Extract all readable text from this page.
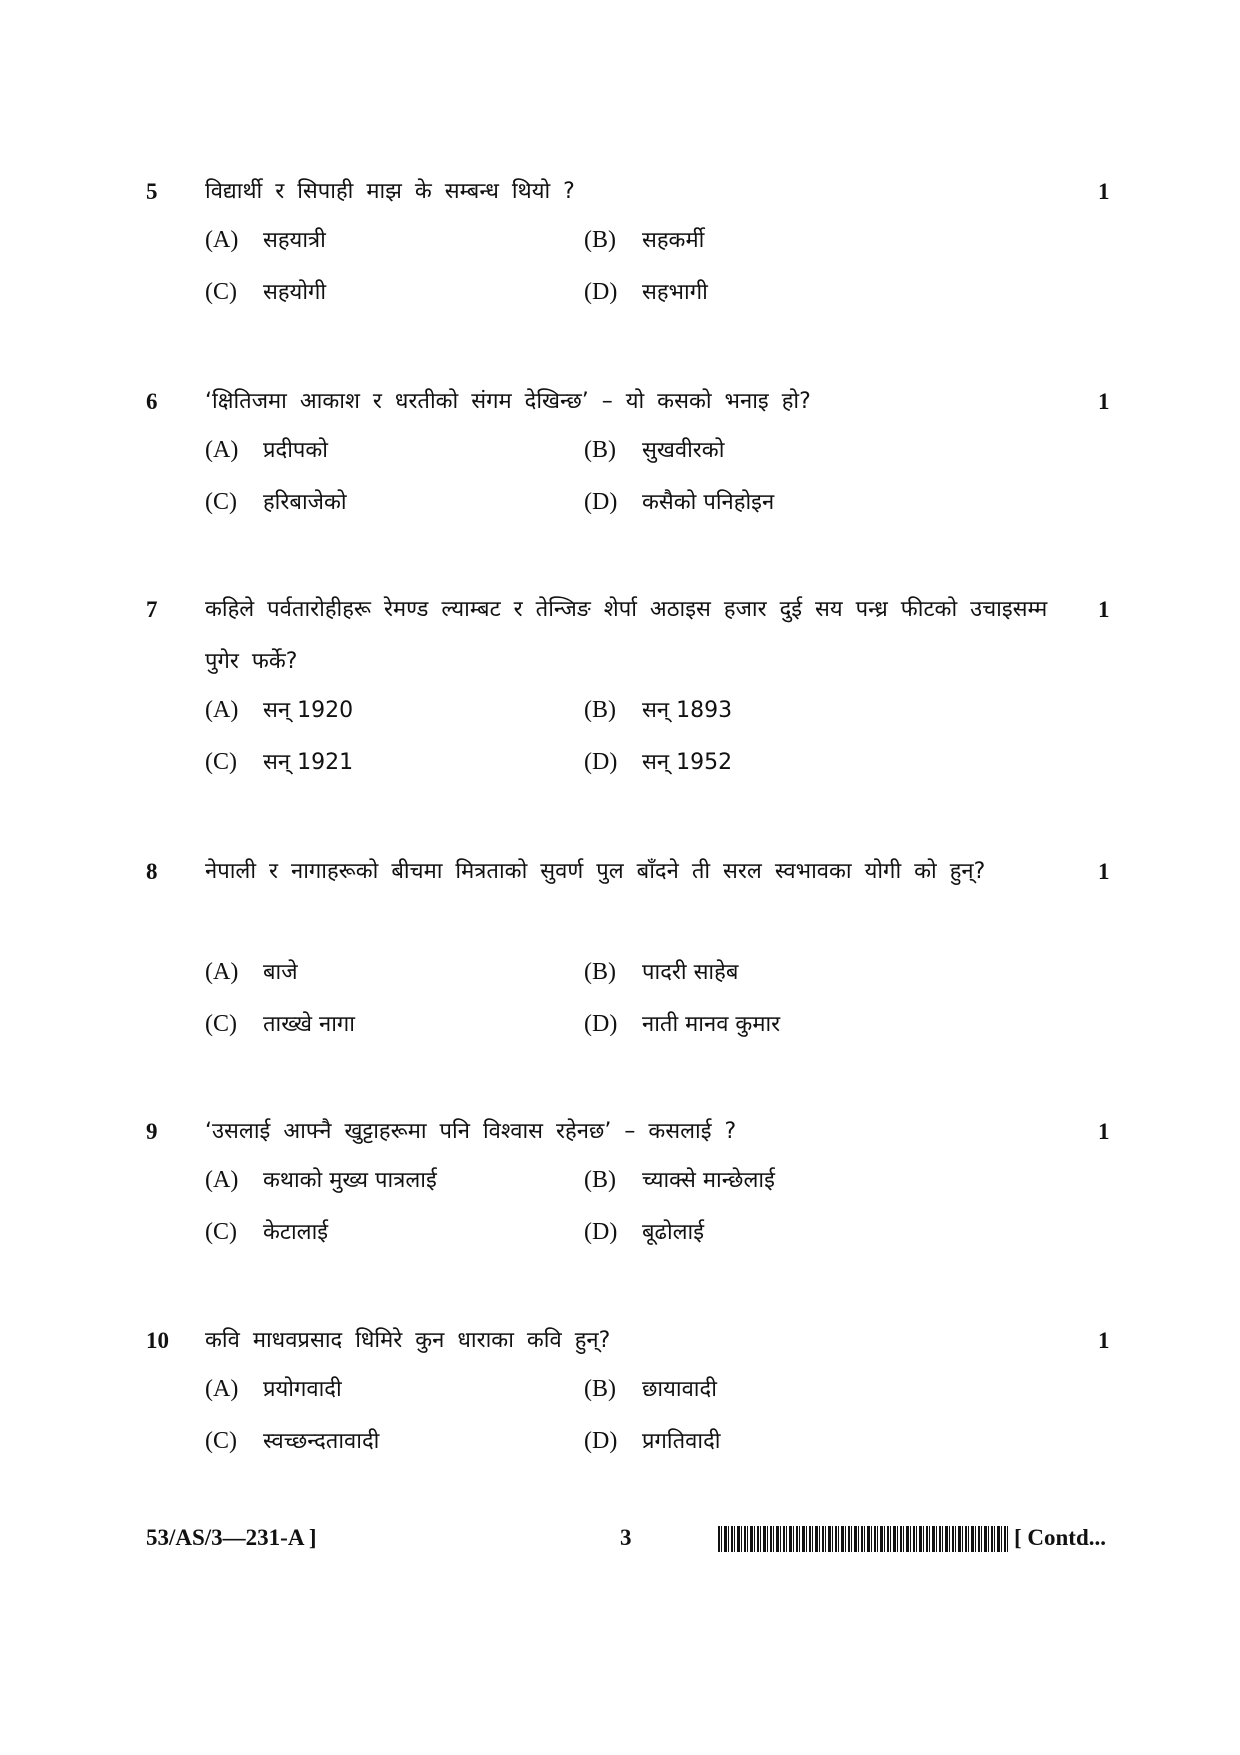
5 विद्यार्थी र सिपाही माझ के सम्बन्ध थियो ?	1
(A) सहयात्री	(B) सहकर्मी
(C) सहयोगी	(D) सहभागी
6 ‘क्षितिजमा आकाश र धरतीको संगम देखिन्छ’ – यो कसको भनाइ हो?	1
(A) प्रदीपको	(B) सुखवीरको
(C) हरिबाजेको	(D) कसैको पनिहोइन
7 कहिले पर्वतारोहीहरू रेमण्ड ल्याम्बट र तेन्जिङ शेर्पा अठाइस हजार दुई सय पन्ध्र फीटको उचाइसम्म पुगेर फर्के?
1
(A) सन् 1920	(B) सन् 1893
(C) सन् 1921	(D) सन् 1952
8 नेपाली र नागाहरूको बीचमा मित्रताको सुवर्ण पुल बाँदने ती सरल स्वभावका योगी को हुन्?	1
(A) बाजे	(B) पादरी साहेब
(C) ताख्खे नागा	(D) नाती मानव कुमार
9 ‘उसलाई आफ्नै खुट्टाहरूमा पनि विश्वास रहेनछ’ – कसलाई ?	1
(A) कथाको मुख्य पात्रलाई	(B) च्याक्से मान्छेलाई
(C) केटालाई	(D) बूढोलाई
10 कवि माधवप्रसाद धिमिरे कुन धाराका कवि हुन्?	1
(A) प्रयोगवादी	(B) छायावादी
(C) स्वच्छन्दतावादी	(D) प्रगतिवादी
53/AS/3—231-A ]	3	[ Contd...
